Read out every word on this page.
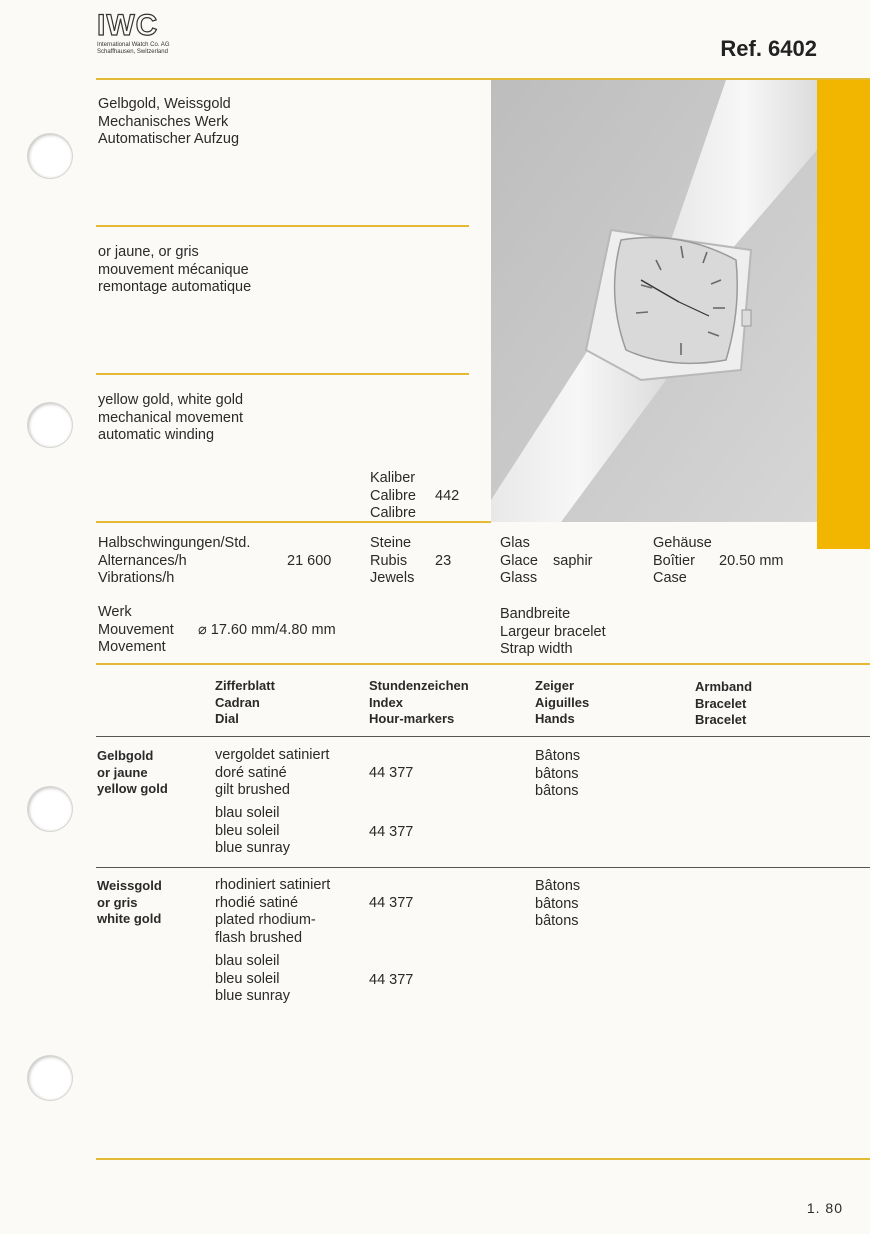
IWC
International Watch Co. AG
Schaffhausen, Switzerland	Ref. 6402
Gelbgold, Weissgold
Mechanisches Werk
Automatischer Aufzug
or jaune, or gris
mouvement mécanique
remontage automatique
yellow gold, white gold
mechanical movement
automatic winding
Kaliber
Calibre
Calibre
442
Halbschwingungen/Std.
Alternances/h
Vibrations/h
21 600
Steine
Rubis
Jewels
23
Glas
Glace
Glass
saphir
Gehäuse
Boîtier
Case
20.50 mm
Werk
Mouvement
Movement
⌀ 17.60 mm/4.80 mm
Bandbreite
Largeur bracelet
Strap width
Zifferblatt
Cadran
Dial
Stundenzeichen
Index
Hour-markers
Zeiger
Aiguilles
Hands
Armband
Bracelet
Bracelet
Gelbgold
or jaune
yellow gold
vergoldet satiniert
doré satiné
gilt brushed
44 377
blau soleil
bleu soleil
blue sunray
44 377
Bâtons
bâtons
bâtons
Weissgold
or gris
white gold
rhodiniert satiniert
rhodié satiné
plated rhodium-
flash brushed
44 377
blau soleil
bleu soleil
blue sunray
44 377
Bâtons
bâtons
bâtons
1. 80
